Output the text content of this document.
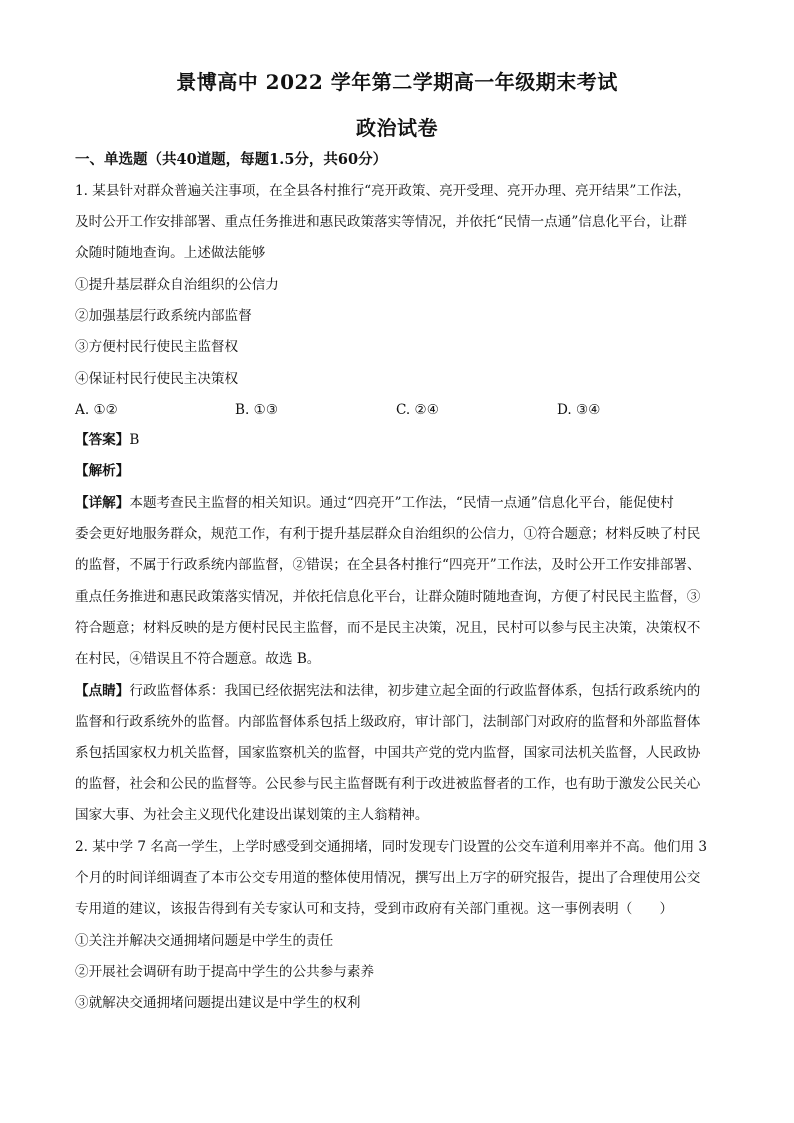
景博高中 2022 学年第二学期高一年级期末考试
政治试卷
一、单选题（共40道题，每题1.5分，共60分）
1. 某县针对群众普遍关注事项，在全县各村推行“亮开政策、亮开受理、亮开办理、亮开结果”工作法，
及时公开工作安排部署、重点任务推进和惠民政策落实等情况，并依托“民情一点通”信息化平台，让群
众随时随地查询。上述做法能够
①提升基层群众自治组织的公信力
②加强基层行政系统内部监督
③方便村民行使民主监督权
④保证村民行使民主决策权
A. ①②	B. ①③	C. ②④	D. ③④
【答案】B
【解析】
【详解】本题考查民主监督的相关知识。通过“四亮开”工作法，“民情一点通”信息化平台，能促使村
委会更好地服务群众，规范工作，有利于提升基层群众自治组织的公信力，①符合题意；材料反映了村民
的监督，不属于行政系统内部监督，②错误；在全县各村推行“四亮开”工作法，及时公开工作安排部署、
重点任务推进和惠民政策落实情况，并依托信息化平台，让群众随时随地查询，方便了村民民主监督，③
符合题意；材料反映的是方便村民民主监督，而不是民主决策，况且，民村可以参与民主决策，决策权不
在村民，④错误且不符合题意。故选 B。
【点睛】行政监督体系：我国已经依据宪法和法律，初步建立起全面的行政监督体系，包括行政系统内的
监督和行政系统外的监督。内部监督体系包括上级政府，审计部门，法制部门对政府的监督和外部监督体
系包括国家权力机关监督，国家监察机关的监督，中国共产党的党内监督，国家司法机关监督，人民政协
的监督，社会和公民的监督等。公民参与民主监督既有利于改进被监督者的工作，也有助于激发公民关心
国家大事、为社会主义现代化建设出谋划策的主人翁精神。
2. 某中学 7 名高一学生，上学时感受到交通拥堵，同时发现专门设置的公交车道利用率并不高。他们用 3
个月的时间详细调查了本市公交专用道的整体使用情况，撰写出上万字的研究报告，提出了合理使用公交
专用道的建议，该报告得到有关专家认可和支持，受到市政府有关部门重视。这一事例表明（　　）
①关注并解决交通拥堵问题是中学生的责任
②开展社会调研有助于提高中学生的公共参与素养
③就解决交通拥堵问题提出建议是中学生的权利
